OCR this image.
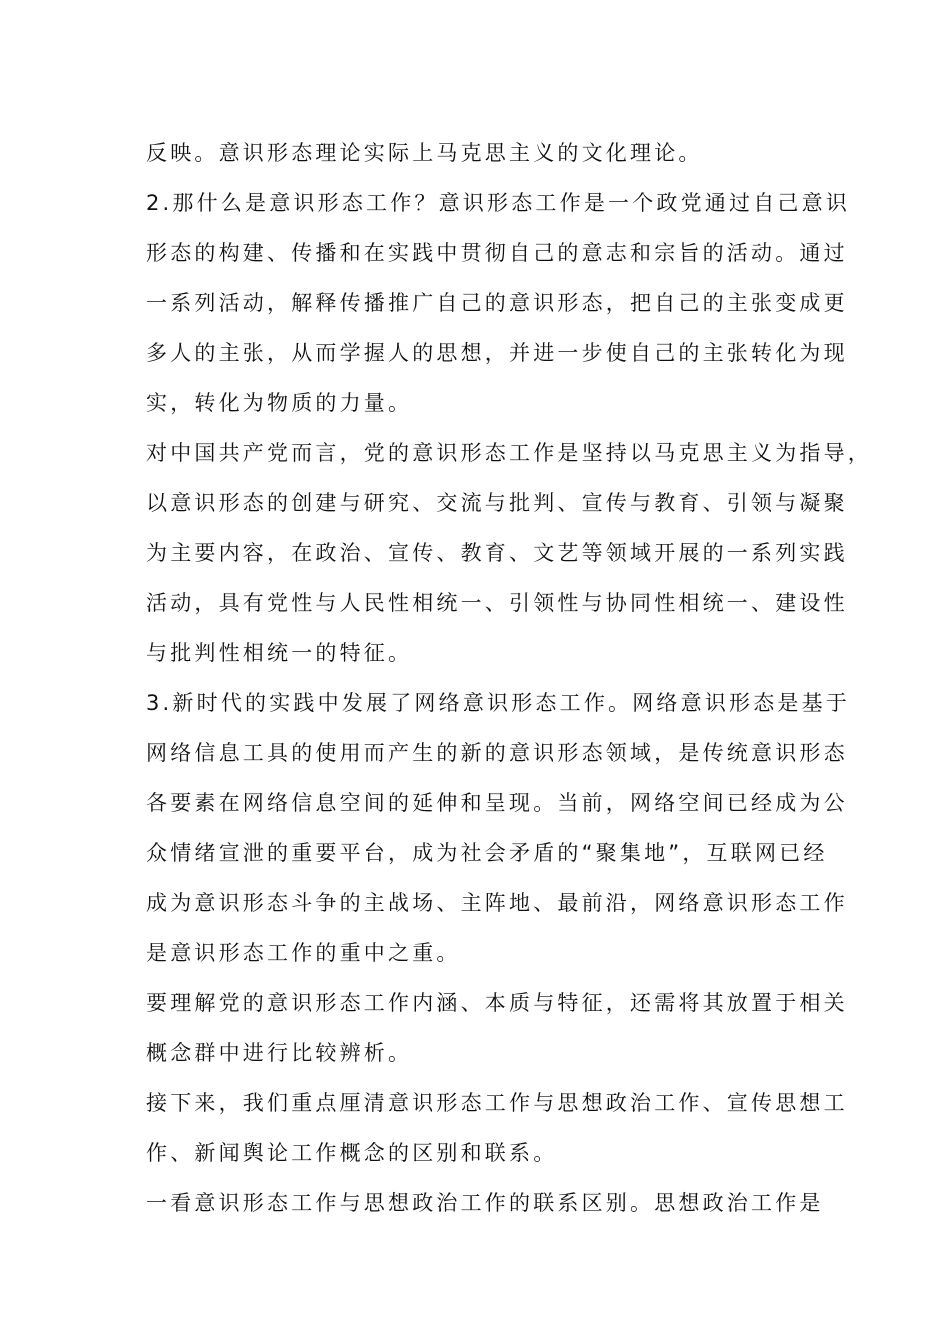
反映。意识形态理论实际上马克思主义的文化理论。
2.那什么是意识形态工作？意识形态工作是一个政党通过自己意识
形态的构建、传播和在实践中贯彻自己的意志和宗旨的活动。通过
一系列活动，解释传播推广自己的意识形态，把自己的主张变成更
多人的主张，从而学握人的思想，并进一步使自己的主张转化为现
实，转化为物质的力量。
对中国共产党而言，党的意识形态工作是坚持以马克思主义为指导，
以意识形态的创建与研究、交流与批判、宣传与教育、引领与凝聚
为主要内容，在政治、宣传、教育、文艺等领域开展的一系列实践
活动，具有党性与人民性相统一、引领性与协同性相统一、建设性
与批判性相统一的特征。
3.新时代的实践中发展了网络意识形态工作。网络意识形态是基于
网络信息工具的使用而产生的新的意识形态领域，是传统意识形态
各要素在网络信息空间的延伸和呈现。当前，网络空间已经成为公
众情绪宣泄的重要平台，成为社会矛盾的“聚集地”，互联网已经
成为意识形态斗争的主战场、主阵地、最前沿，网络意识形态工作
是意识形态工作的重中之重。
要理解党的意识形态工作内涵、本质与特征，还需将其放置于相关
概念群中进行比较辨析。
接下来，我们重点厘清意识形态工作与思想政治工作、宣传思想工
作、新闻舆论工作概念的区别和联系。
一看意识形态工作与思想政治工作的联系区别。思想政治工作是
